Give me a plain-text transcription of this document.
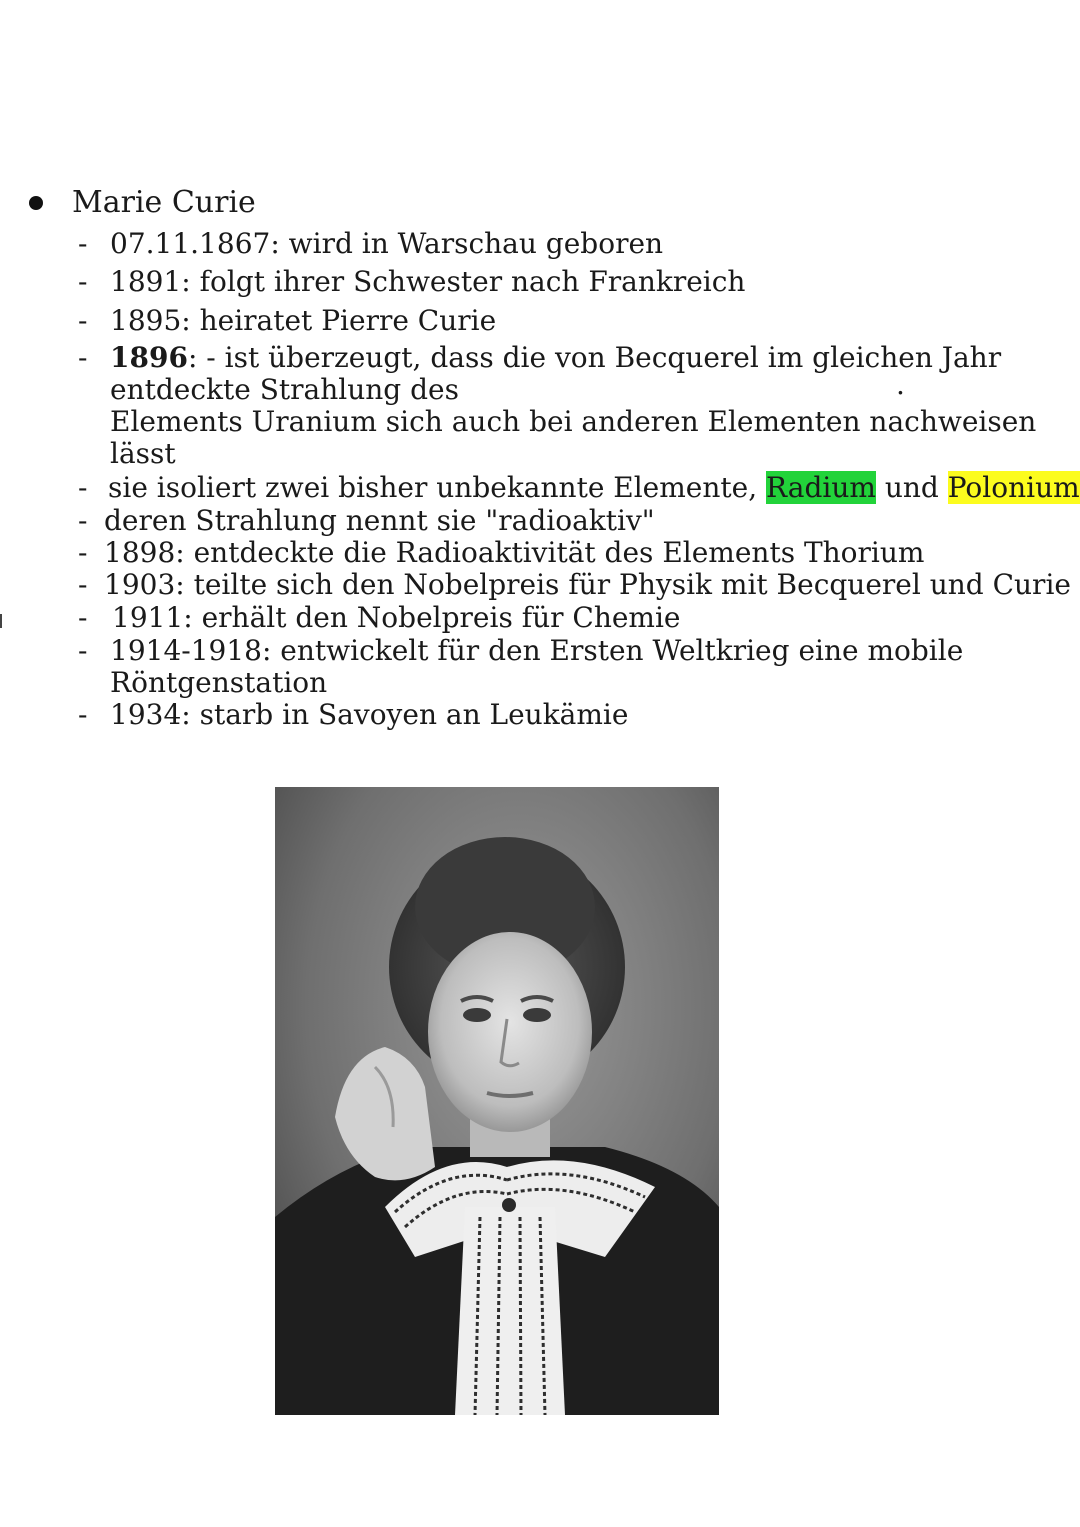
Marie Curie
- 07.11.1867: wird in Warschau geboren
- 1891: folgt ihrer Schwester nach Frankreich
- 1895: heiratet Pierre Curie
- 1896: - ist überzeugt, dass die von Becquerel im gleichen Jahr
entdeckte Strahlung des	.
Elements Uranium sich auch bei anderen Elementen nachweisen
lässt
- sie isoliert zwei bisher unbekannte Elemente, Radium und Polonium
- deren Strahlung nennt sie "radioaktiv"
- 1898: entdeckte die Radioaktivität des Elements Thorium
- 1903: teilte sich den Nobelpreis für Physik mit Becquerel und Curie
- 1911: erhält den Nobelpreis für Chemie
- 1914-1918: entwickelt für den Ersten Weltkrieg eine mobile
Röntgenstation
- 1934: starb in Savoyen an Leukämie
